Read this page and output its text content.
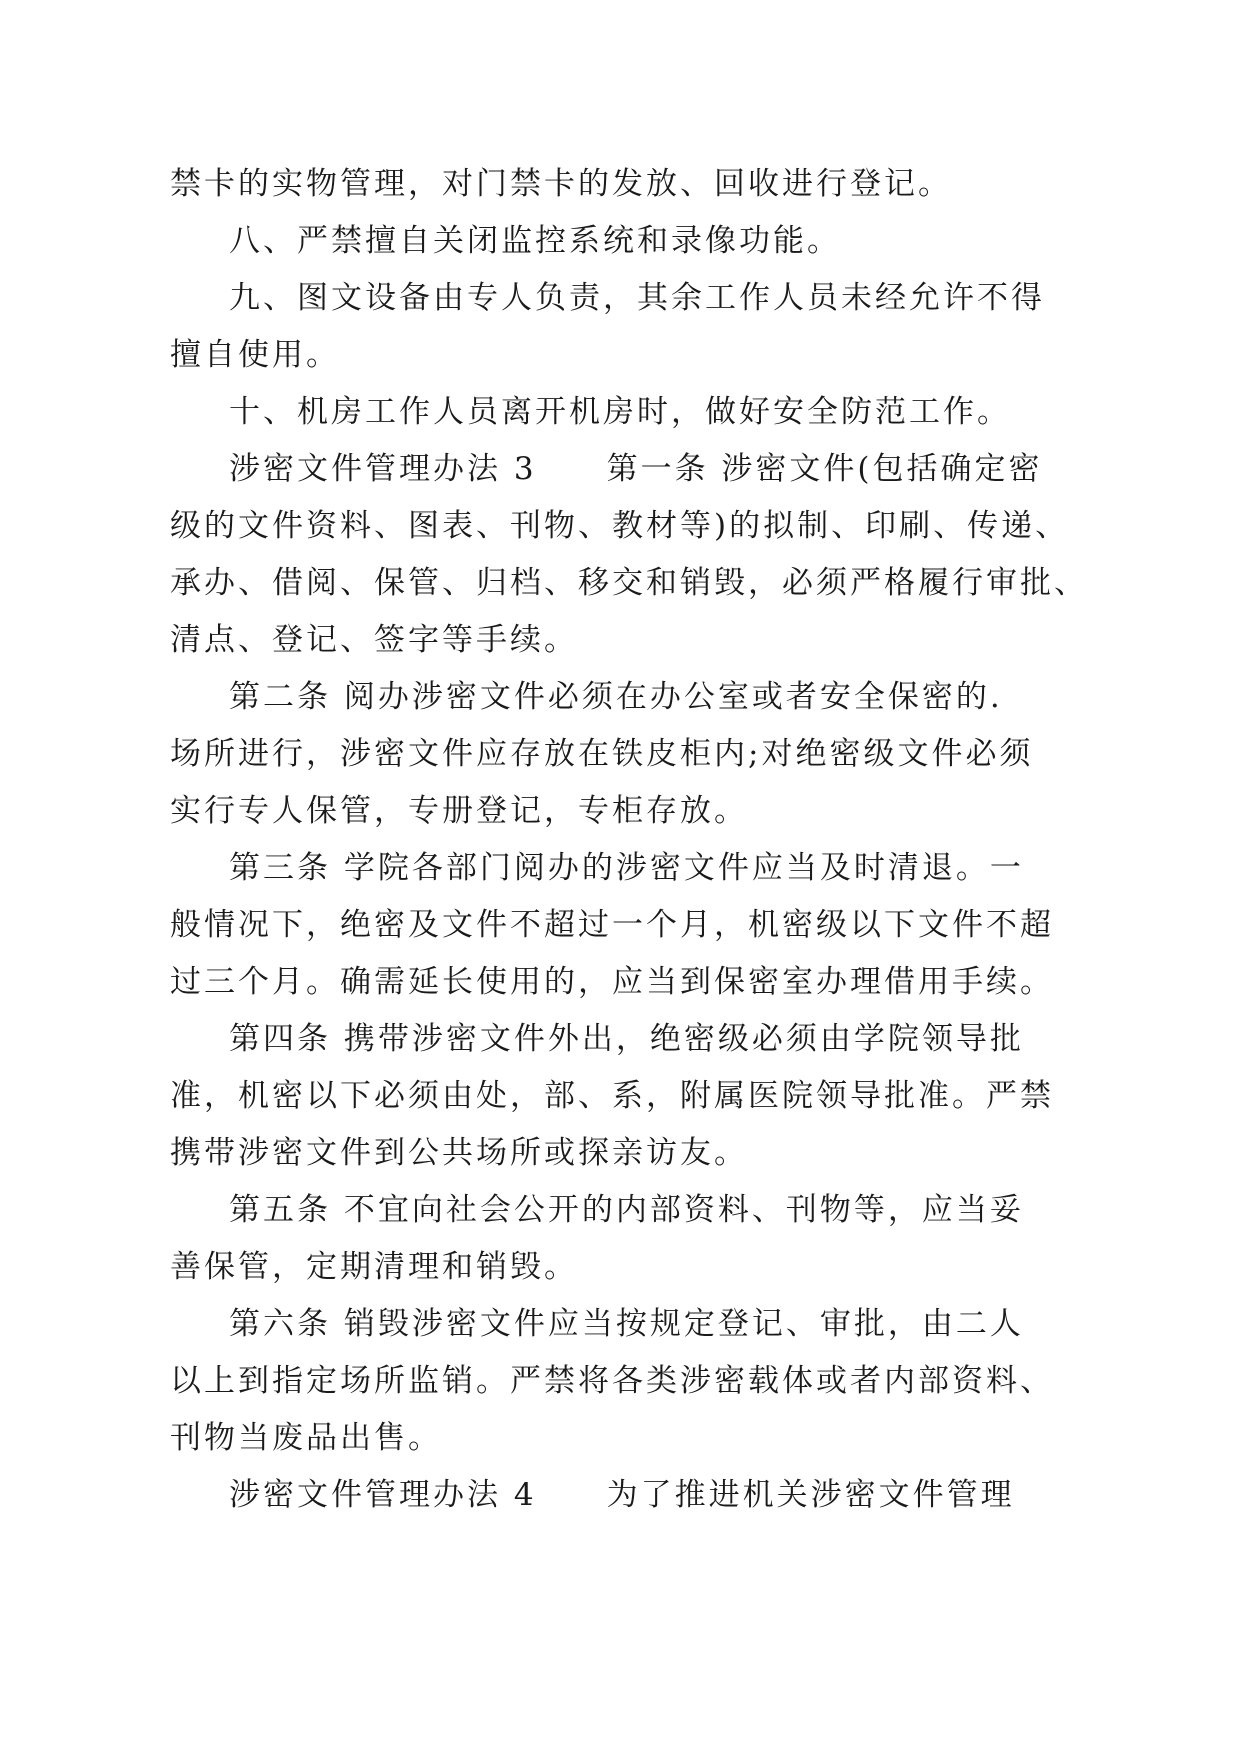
禁卡的实物管理，对门禁卡的发放、回收进行登记。
八、严禁擅自关闭监控系统和录像功能。
九、图文设备由专人负责，其余工作人员未经允许不得
擅自使用。
十、机房工作人员离开机房时，做好安全防范工作。
涉密文件管理办法 3 第一条 涉密文件(包括确定密
级的文件资料、图表、刊物、教材等)的拟制、印刷、传递、
承办、借阅、保管、归档、移交和销毁，必须严格履行审批、
清点、登记、签字等手续。
第二条 阅办涉密文件必须在办公室或者安全保密的.
场所进行，涉密文件应存放在铁皮柜内;对绝密级文件必须
实行专人保管，专册登记，专柜存放。
第三条 学院各部门阅办的涉密文件应当及时清退。一
般情况下，绝密及文件不超过一个月，机密级以下文件不超
过三个月。确需延长使用的，应当到保密室办理借用手续。
第四条 携带涉密文件外出，绝密级必须由学院领导批
准，机密以下必须由处，部、系，附属医院领导批准。严禁
携带涉密文件到公共场所或探亲访友。
第五条 不宜向社会公开的内部资料、刊物等，应当妥
善保管，定期清理和销毁。
第六条 销毁涉密文件应当按规定登记、审批，由二人
以上到指定场所监销。严禁将各类涉密载体或者内部资料、
刊物当废品出售。
涉密文件管理办法 4 为了推进机关涉密文件管理
